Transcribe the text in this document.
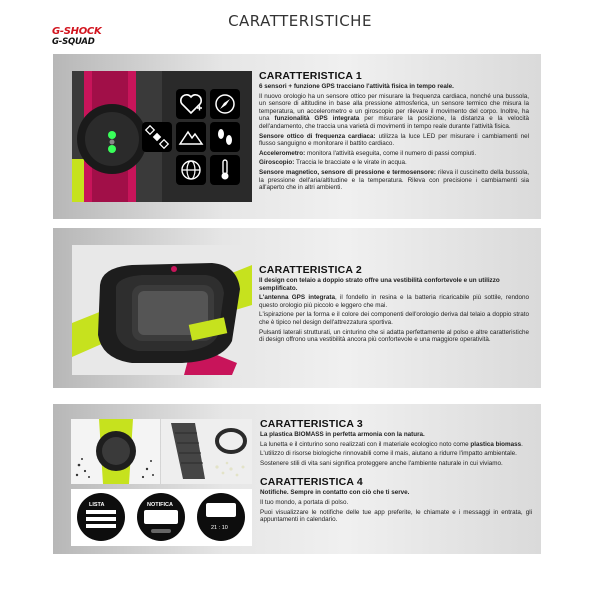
G-SHOCK
G-SQUAD
CARATTERISTICHE
CARATTERISTICA 1
6 sensori + funzione GPS tracciano l'attività fisica in tempo reale.

Il nuovo orologio ha un sensore ottico per misurare la frequenza cardiaca, nonché una bussola, un sensore di altitudine in base alla pressione atmosferica, un sensore termico che misura la temperatura, un accelerometro e un giroscopio per rilevare il movimento del corpo. Inoltre, ha una funzionalità GPS integrata per misurare la posizione, la distanza e la velocità dell'andamento, che traccia una varietà di movimenti in tempo reale durante l'attività fisica.

Sensore ottico di frequenza cardiaca: utilizza la luce LED per misurare i cambiamenti nel flusso sanguigno e monitorare il battito cardiaco.

Accelerometro: monitora l'attività eseguita, come il numero di passi compiuti.

Giroscopio: Traccia le bracciate e le virate in acqua.

Sensore magnetico, sensore di pressione e termosensore: rileva il cuscinetto della bussola, la pressione dell'aria/altitudine e la temperatura. Rileva con precisione i cambiamenti sia all'aperto che in altri ambienti.

CARATTERISTICA 2
Il design con telaio a doppio strato offre una vestibilità confortevole e un utilizzo semplificato.

L'antenna GPS integrata, il fondello in resina e la batteria ricaricabile più sottile, rendono questo orologio più piccolo e leggero che mai.

L'ispirazione per la forma e il colore dei componenti dell'orologio deriva dal telaio a doppio strato che è tipico nel design dell'attrezzatura sportiva.

Pulsanti laterali strutturati, un cinturino che si adatta perfettamente al polso e altre caratteristiche di design offrono una vestibilità ancora più confortevole e una maggiore operatività.

LISTA	NOTIFICA
21 : 10
CARATTERISTICA 3
La plastica BIOMASS in perfetta armonia con la natura.

La lunetta e il cinturino sono realizzati con il materiale ecologico noto come plastica biomass.

L'utilizzo di risorse biologiche rinnovabili come il mais, aiutano a ridurre l'impatto ambientale.

Sostenere stili di vita sani significa proteggere anche l'ambiente naturale in cui viviamo.

CARATTERISTICA 4
Notifiche. Sempre in contatto con ciò che ti serve.

Il tuo mondo, a portata di polso.

Puoi visualizzare le notifiche delle tue app preferite, le chiamate e i messaggi in entrata, gli appuntamenti in calendario.
